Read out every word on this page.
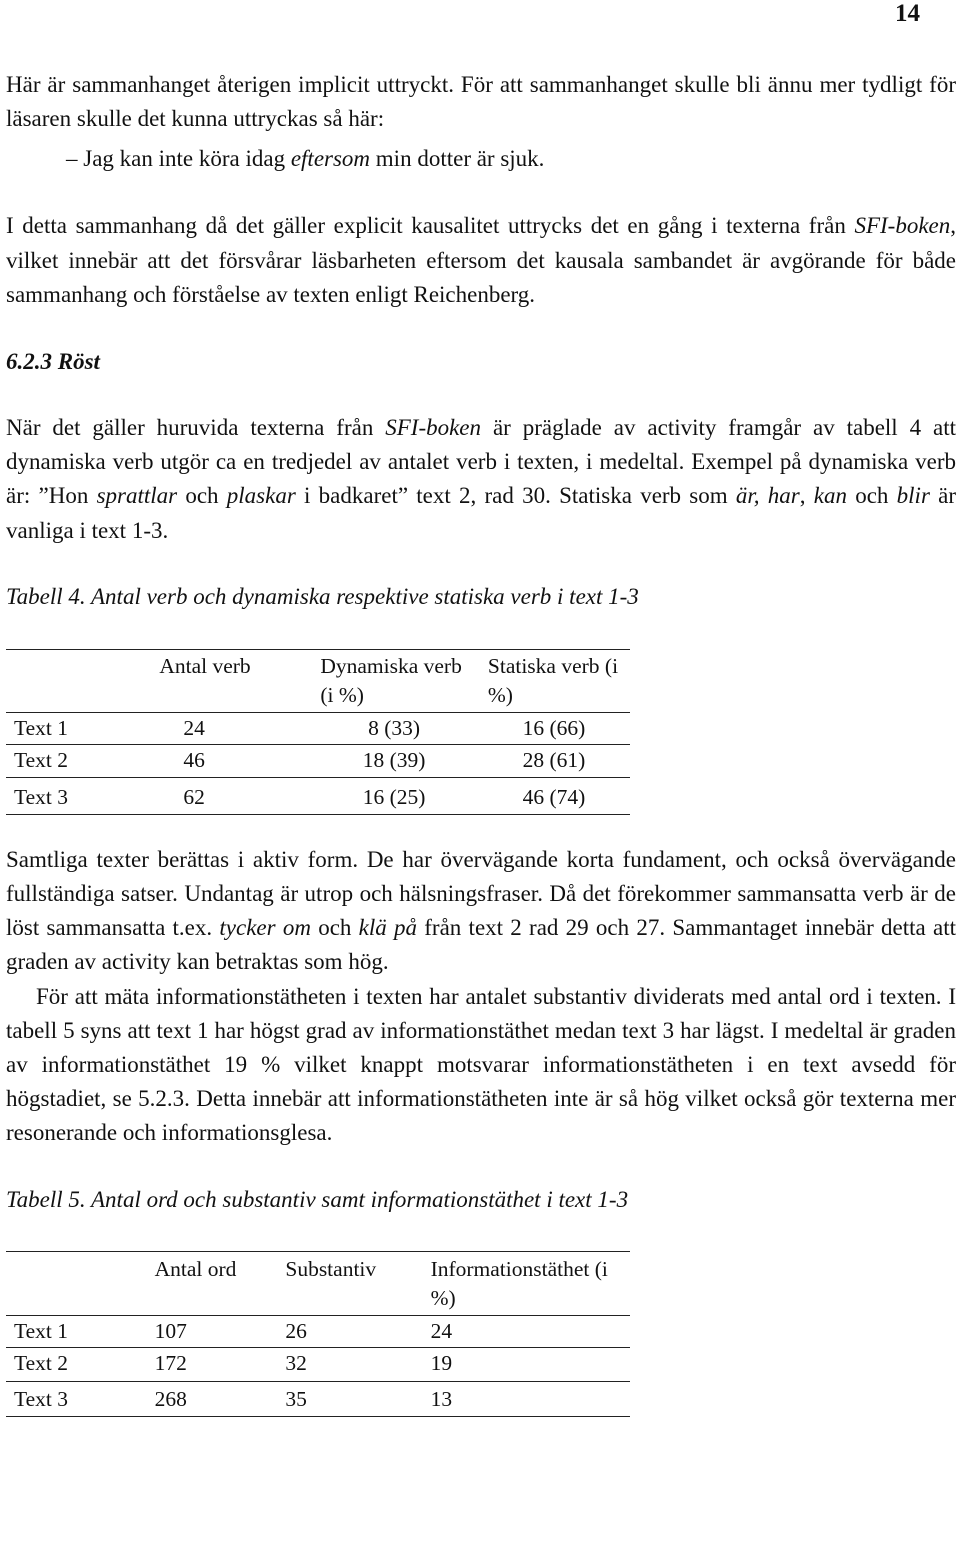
14

Här är sammanhanget återigen implicit uttryckt. För att sammanhanget skulle bli ännu mer tydligt för läsaren skulle det kunna uttryckas så här:

– Jag kan inte köra idag eftersom min dotter är sjuk.

I detta sammanhang då det gäller explicit kausalitet uttrycks det en gång i texterna från SFI-boken, vilket innebär att det försvårar läsbarheten eftersom det kausala sambandet är avgörande för både sammanhang och förståelse av texten enligt Reichenberg.

6.2.3 Röst

När det gäller huruvida texterna från SFI-boken är präglade av activity framgår av tabell 4 att dynamiska verb utgör ca en tredjedel av antalet verb i texten, i medeltal. Exempel på dynamiska verb är: ”Hon sprattlar och plaskar i badkaret” text 2, rad 30. Statiska verb som är, har, kan och blir är vanliga i text 1-3.

Tabell 4. Antal verb och dynamiska respektive statiska verb i text 1-3
	Antal verb	Dynamiska verb (i %)	Statiska verb (i %)
Text 1	24	8 (33)	16 (66)
Text 2	46	18 (39)	28 (61)
Text 3	62	16 (25)	46 (74)

Samtliga texter berättas i aktiv form. De har övervägande korta fundament, och också övervägande fullständiga satser. Undantag är utrop och hälsningsfraser. Då det förekommer sammansatta verb är de löst sammansatta t.ex. tycker om och klä på från text 2 rad 29 och 27. Sammantaget innebär detta att graden av activity kan betraktas som hög.

För att mäta informationstätheten i texten har antalet substantiv dividerats med antal ord i texten. I tabell 5 syns att text 1 har högst grad av informationstäthet medan text 3 har lägst. I medeltal är graden av informationstäthet 19 % vilket knappt motsvarar informationstätheten i en text avsedd för högstadiet, se 5.2.3. Detta innebär att informationstätheten inte är så hög vilket också gör texterna mer resonerande och informationsglesa.

Tabell 5. Antal ord och substantiv samt informationstäthet i text 1-3
	Antal ord	Substantiv	Informationstäthet (i %)
Text 1	107	26	24
Text 2	172	32	19
Text 3	268	35	13
